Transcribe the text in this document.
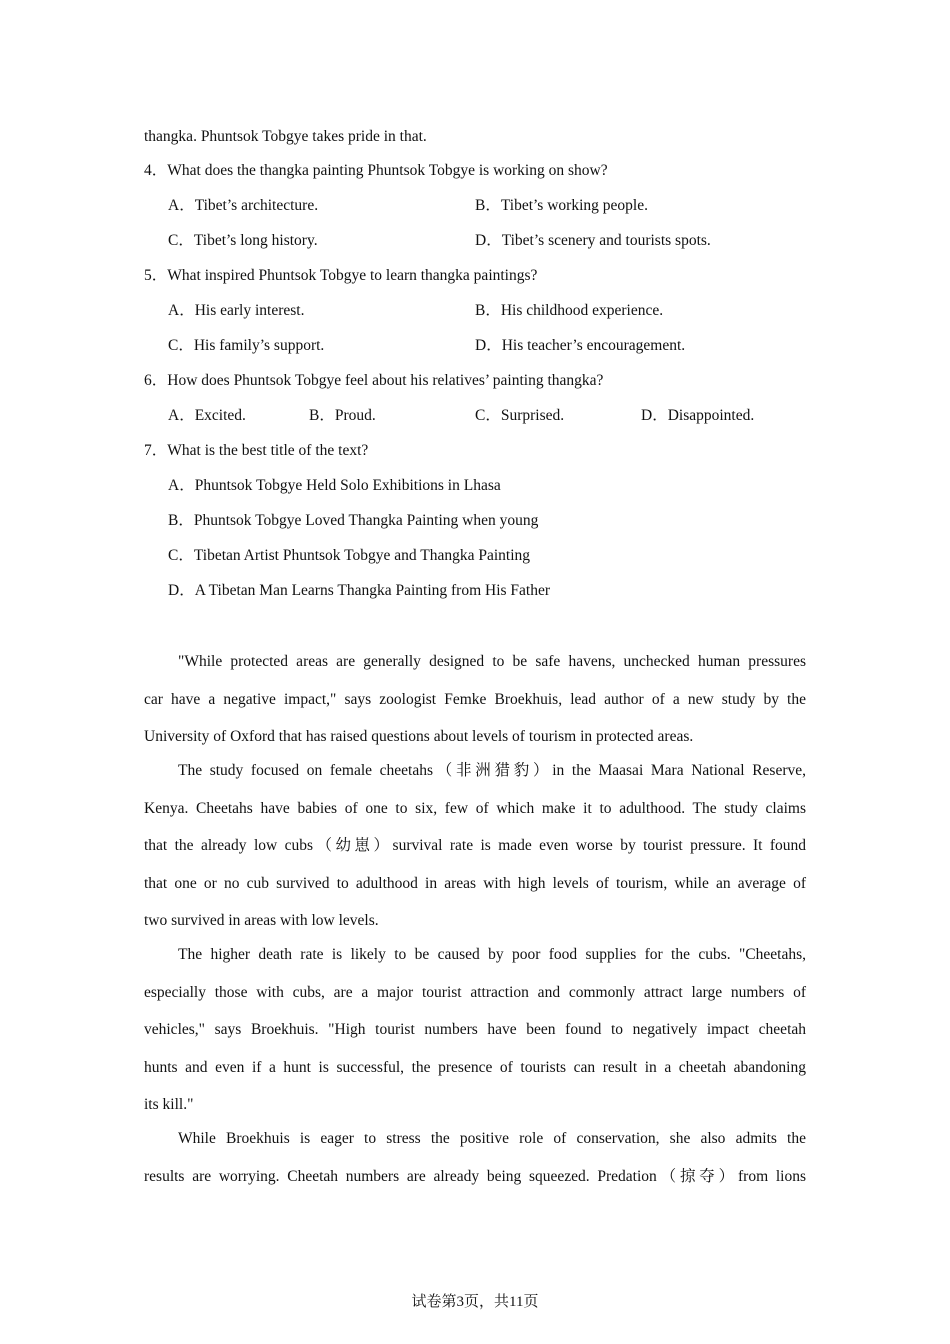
thangka. Phuntsok Tobgye takes pride in that.
4．What does the thangka painting Phuntsok Tobgye is working on show?
A．Tibet’s architecture.	B．Tibet’s working people.
C．Tibet’s long history.	D．Tibet’s scenery and tourists spots.
5．What inspired Phuntsok Tobgye to learn thangka paintings?
A．His early interest.	B．His childhood experience.
C．His family’s support.	D．His teacher’s encouragement.
6．How does Phuntsok Tobgye feel about his relatives’ painting thangka?
A．Excited.	B．Proud.	C．Surprised.	D．Disappointed.
7．What is the best title of the text?
A．Phuntsok Tobgye Held Solo Exhibitions in Lhasa
B．Phuntsok Tobgye Loved Thangka Painting when young
C．Tibetan Artist Phuntsok Tobgye and Thangka Painting
D．A Tibetan Man Learns Thangka Painting from His Father
"While protected areas are generally designed to be safe havens, unchecked human pressures
car have a negative impact," says zoologist Femke Broekhuis, lead author of a new study by the
University of Oxford that has raised questions about levels of tourism in protected areas.
The study focused on female cheetahs（非洲猎豹）in the Maasai Mara National Reserve,
Kenya. Cheetahs have babies of one to six, few of which make it to adulthood. The study claims
that the already low cubs（幼崽）survival rate is made even worse by tourist pressure. It found
that one or no cub survived to adulthood in areas with high levels of tourism, while an average of
two survived in areas with low levels.
The higher death rate is likely to be caused by poor food supplies for the cubs. "Cheetahs,
especially those with cubs, are a major tourist attraction and commonly attract large numbers of
vehicles," says Broekhuis. "High tourist numbers have been found to negatively impact cheetah
hunts and even if a hunt is successful, the presence of tourists can result in a cheetah abandoning
its kill."
While Broekhuis is eager to stress the positive role of conservation, she also admits the
results are worrying. Cheetah numbers are already being squeezed. Predation（掠夺）from lions
试卷第3页，共11页
